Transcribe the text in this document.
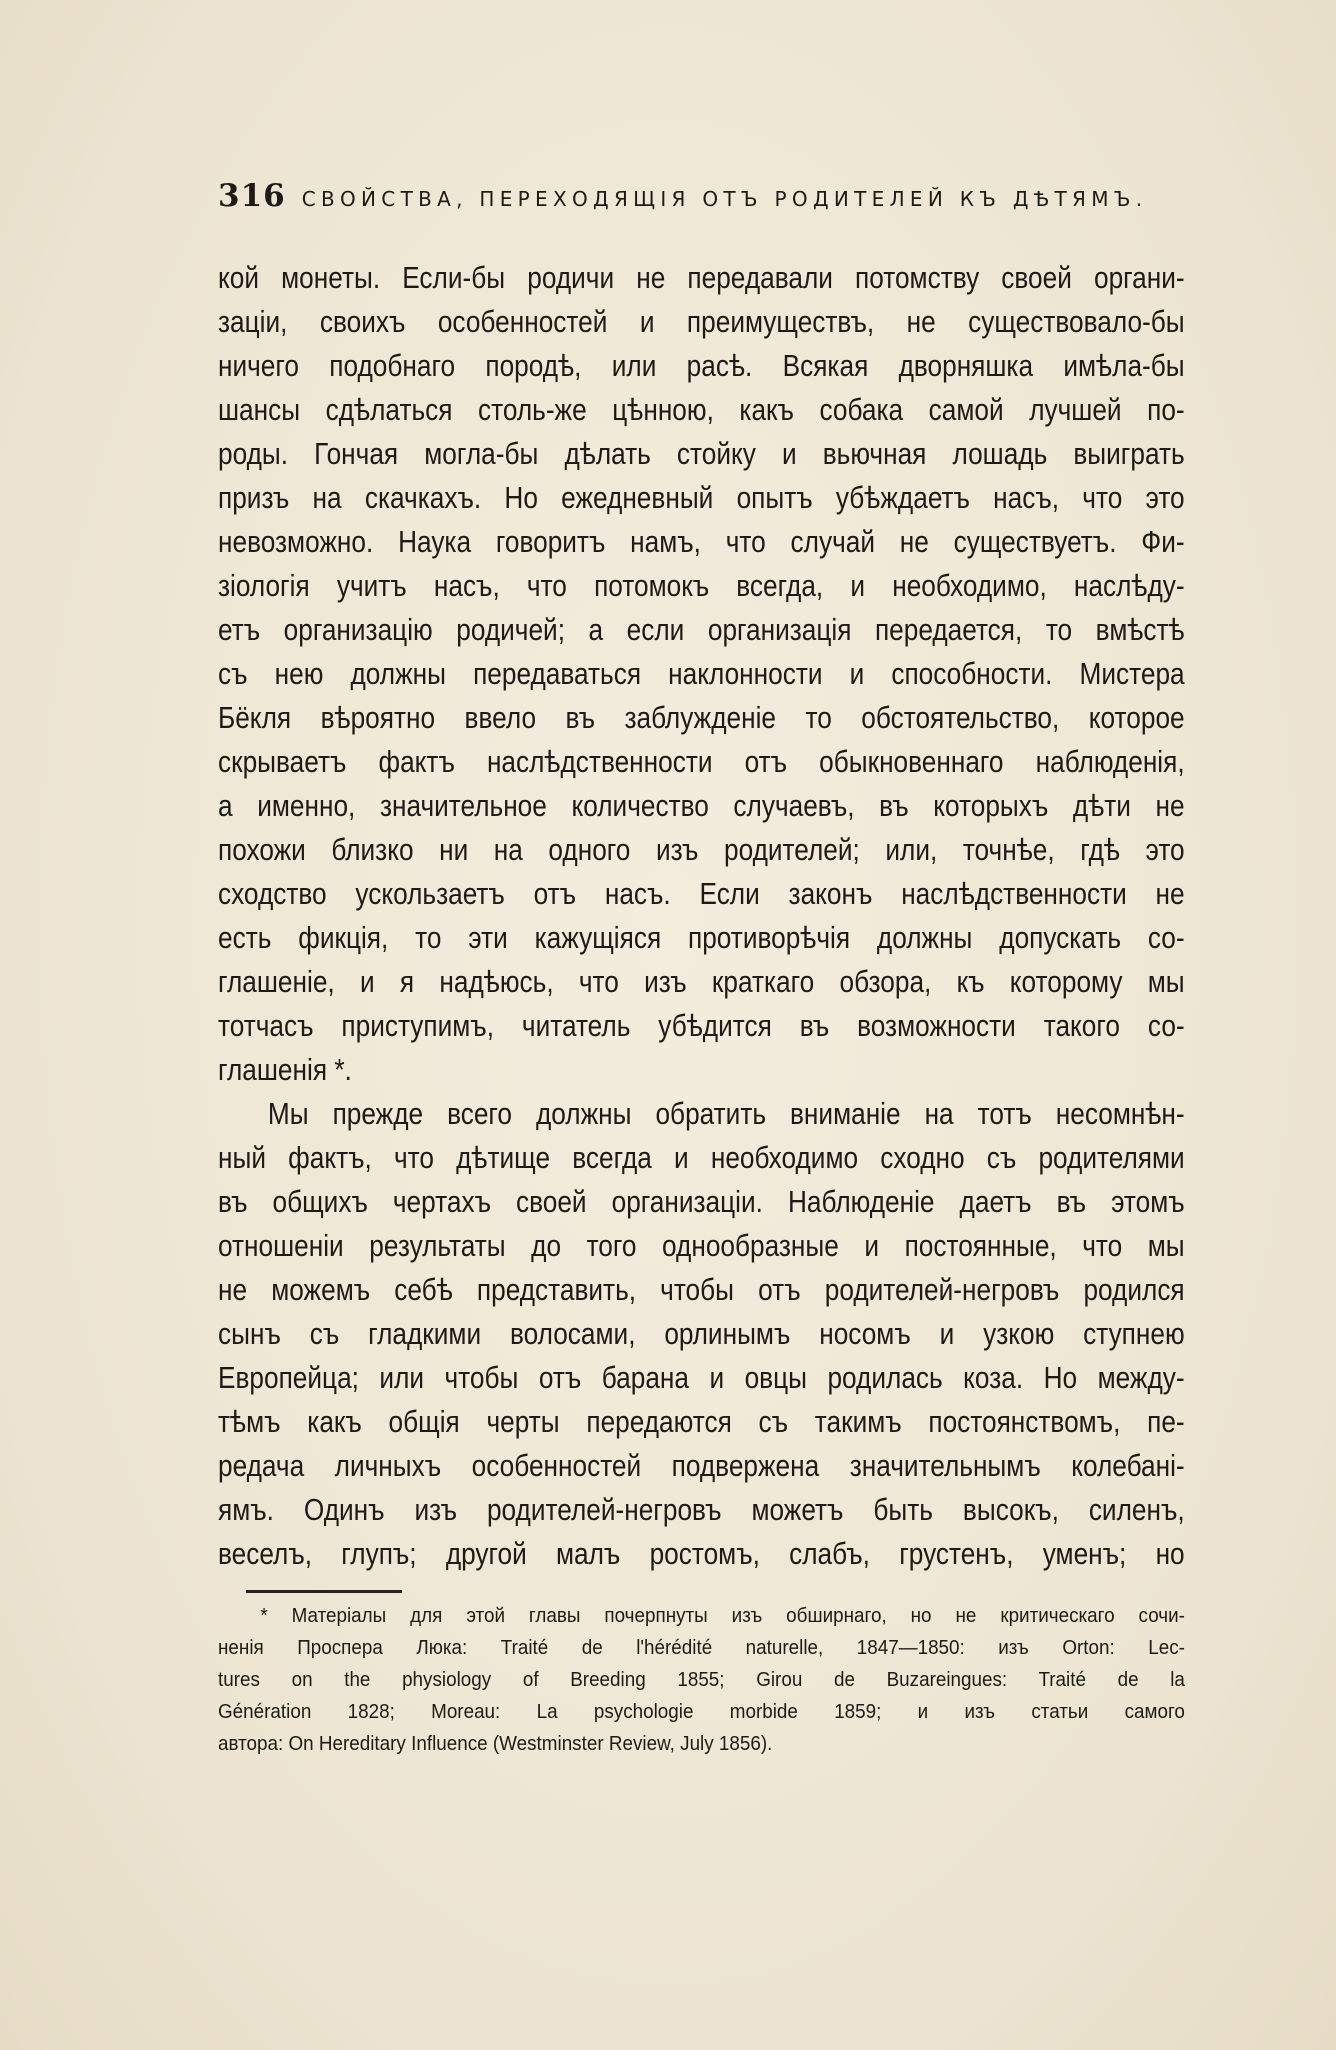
316 СВОЙСТВА, ПЕРЕХОДЯЩІЯ ОТЪ РОДИТЕЛЕЙ КЪ ДѢТЯМЪ.
кой монеты. Если-бы родичи не передавали потомству своей органи-
заціи, своихъ особенностей и преимуществъ, не существовало-бы
ничего подобнаго породѣ, или расѣ. Всякая дворняшка имѣла-бы
шансы сдѣлаться столь-же цѣнною, какъ собака самой лучшей по-
роды. Гончая могла-бы дѣлать стойку и вьючная лошадь выиграть
призъ на скачкахъ. Но ежедневный опытъ убѣждаетъ насъ, что это
невозможно. Наука говоритъ намъ, что случай не существуетъ. Фи-
зіологія учитъ насъ, что потомокъ всегда, и необходимо, наслѣду-
етъ организацію родичей; а если организація передается, то вмѣстѣ
съ нею должны передаваться наклонности и способности. Мистера
Бёкля вѣроятно ввело въ заблужденіе то обстоятельство, которое
скрываетъ фактъ наслѣдственности отъ обыкновеннаго наблюденія,
а именно, значительное количество случаевъ, въ которыхъ дѣти не
похожи близко ни на одного изъ родителей; или, точнѣе, гдѣ это
сходство ускользаетъ отъ насъ. Если законъ наслѣдственности не
есть фикція, то эти кажущіяся противорѣчія должны допускать со-
глашеніе, и я надѣюсь, что изъ краткаго обзора, къ которому мы
тотчасъ приступимъ, читатель убѣдится въ возможности такого со-
глашенія *.
Мы прежде всего должны обратить вниманіе на тотъ несомнѣн-
ный фактъ, что дѣтище всегда и необходимо сходно съ родителями
въ общихъ чертахъ своей организаціи. Наблюденіе даетъ въ этомъ
отношеніи результаты до того однообразные и постоянные, что мы
не можемъ себѣ представить, чтобы отъ родителей-негровъ родился
сынъ съ гладкими волосами, орлинымъ носомъ и узкою ступнею
Европейца; или чтобы отъ барана и овцы родилась коза. Но между-
тѣмъ какъ общія черты передаются съ такимъ постоянствомъ, пе-
редача личныхъ особенностей подвержена значительнымъ колебані-
ямъ. Одинъ изъ родителей-негровъ можетъ быть высокъ, силенъ,
веселъ, глупъ; другой малъ ростомъ, слабъ, грустенъ, уменъ; но
* Матеріалы для этой главы почерпнуты изъ обширнаго, но не критическаго сочи-
ненія Проспера Люка: Traité de l'hérédité naturelle, 1847—1850: изъ Orton: Lec-
tures on the physiology of Breeding 1855; Girou de Buzareingues: Traité de la
Génération 1828; Moreau: La psychologie morbide 1859; и изъ статьи самого
автора: On Hereditary Influence (Westminster Review, July 1856).
